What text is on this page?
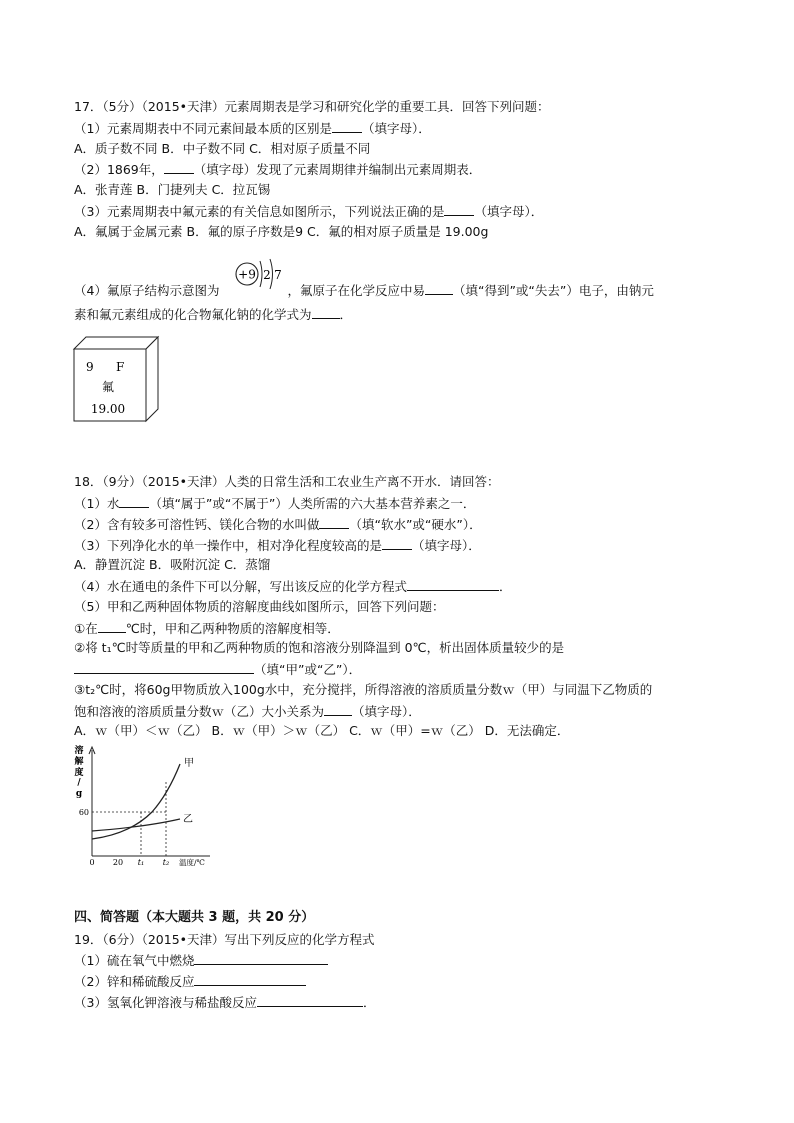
17．（5分）（2015•天津）元素周期表是学习和研究化学的重要工具．回答下列问题：
（1）元素周期表中不同元素间最本质的区别是 （填字母）．
A．质子数不同 B．中子数不同 C．相对原子质量不同
（2）1869年， （填字母）发现了元素周期律并编制出元素周期表．
A．张青莲 B．门捷列夫 C．拉瓦锡
（3）元素周期表中氟元素的有关信息如图所示，下列说法正确的是 （填字母）．
A．氟属于金属元素 B．氟的原子序数是9 C．氟的相对原子质量是 19.00g
（4）氟原子结构示意图为	，氟原子在化学反应中易 （填“得到”或“失去”）电子，由钠元
素和氟元素组成的化合物氟化钠的化学式为 ．
+9 2 7
9 F
氟
19.00
18．（9分）（2015•天津）人类的日常生活和工农业生产离不开水．请回答：
（1）水 （填“属于”或“不属于”）人类所需的六大基本营养素之一．
（2）含有较多可溶性钙、镁化合物的水叫做 （填“软水”或“硬水”）．
（3）下列净化水的单一操作中，相对净化程度较高的是 （填字母）．
A．静置沉淀 B．吸附沉淀 C．蒸馏
（4）水在通电的条件下可以分解，写出该反应的化学方程式	．
（5）甲和乙两种固体物质的溶解度曲线如图所示，回答下列问题：
①在 ℃时，甲和乙两种物质的溶解度相等．
②将 t₁℃时等质量的甲和乙两种物质的饱和溶液分别降温到 0℃，析出固体质量较少的是
（填“甲”或“乙”）．
③t₂℃时，将60g甲物质放入100g水中，充分搅拌，所得溶液的溶质质量分数ｗ（甲）与同温下乙物质的
饱和溶液的溶质质量分数ｗ（乙）大小关系为 （填字母）．
A．ｗ（甲）＜ｗ（乙） B．ｗ（甲）＞ｗ（乙） C．ｗ（甲）=ｗ（乙） D．无法确定．
溶
解
度
/
g
60
甲
乙
0 20 t₁ t₂ 温度/℃
四、简答题（本大题共 3 题，共 20 分）
19．（6分）（2015•天津）写出下列反应的化学方程式
（1）硫在氧气中燃烧
（2）锌和稀硫酸反应
（3）氢氧化钾溶液与稀盐酸反应	．
